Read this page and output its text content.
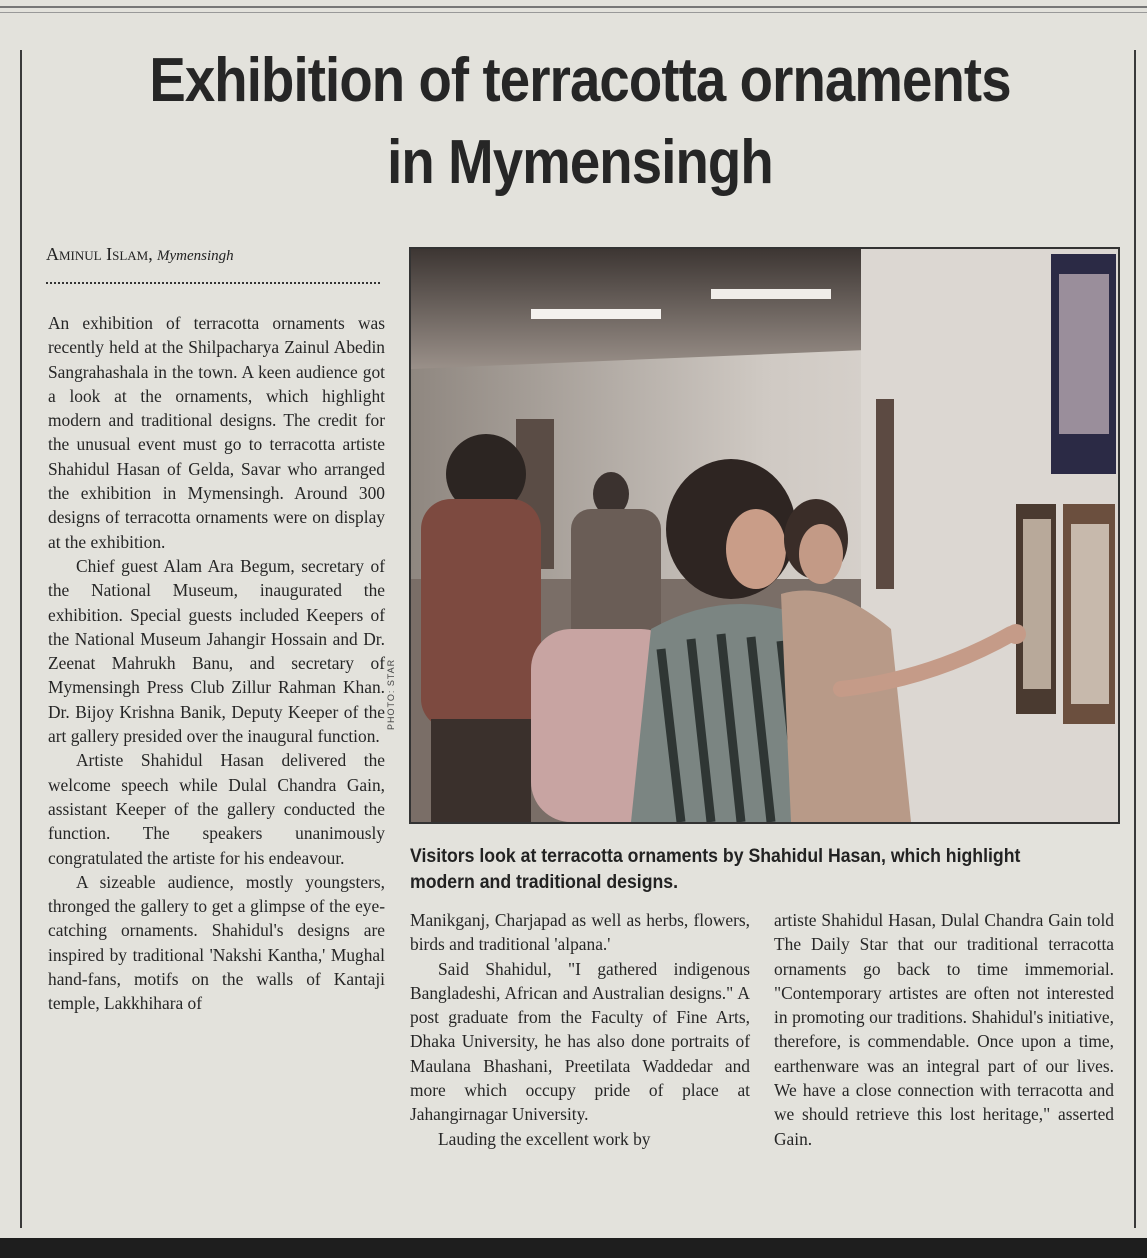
Exhibition of terracotta ornaments
in Mymensingh
Aminul Islam, Mymensingh

An exhibition of terracotta ornaments was recently held at the Shilpacharya Zainul Abedin Sangrahashala in the town. A keen audience got a look at the ornaments, which highlight modern and traditional designs. The credit for the unusual event must go to terracotta artiste Shahidul Hasan of Gelda, Savar who arranged the exhibition in Mymensingh. Around 300 designs of terracotta ornaments were on display at the exhibition.

Chief guest Alam Ara Begum, secretary of the National Museum, inaugurated the exhibition. Special guests included Keepers of the National Museum Jahangir Hossain and Dr. Zeenat Mahrukh Banu, and secretary of Mymensingh Press Club Zillur Rahman Khan. Dr. Bijoy Krishna Banik, Deputy Keeper of the art gallery presided over the inaugural function.

Artiste Shahidul Hasan delivered the welcome speech while Dulal Chandra Gain, assistant Keeper of the gallery conducted the function. The speakers unanimously congratulated the artiste for his endeavour.

A sizeable audience, mostly youngsters, thronged the gallery to get a glimpse of the eye-catching ornaments. Shahidul's designs are inspired by traditional 'Nakshi Kantha,' Mughal hand-fans, motifs on the walls of Kantaji temple, Lakkhihara of

PHOTO: STAR
Visitors look at terracotta ornaments by Shahidul Hasan, which highlight modern and traditional designs.

Manikganj, Charjapad as well as herbs, flowers, birds and traditional 'alpana.'

Said Shahidul, "I gathered indigenous Bangladeshi, African and Australian designs." A post graduate from the Faculty of Fine Arts, Dhaka University, he has also done portraits of Maulana Bhashani, Preetilata Waddedar and more which occupy pride of place at Jahangirnagar University.

Lauding the excellent work by

artiste Shahidul Hasan, Dulal Chandra Gain told The Daily Star that our traditional terracotta ornaments go back to time immemorial. "Contemporary artistes are often not interested in promoting our traditions. Shahidul's initiative, therefore, is commendable. Once upon a time, earthenware was an integral part of our lives. We have a close connection with terracotta and we should retrieve this lost heritage," asserted Gain.
